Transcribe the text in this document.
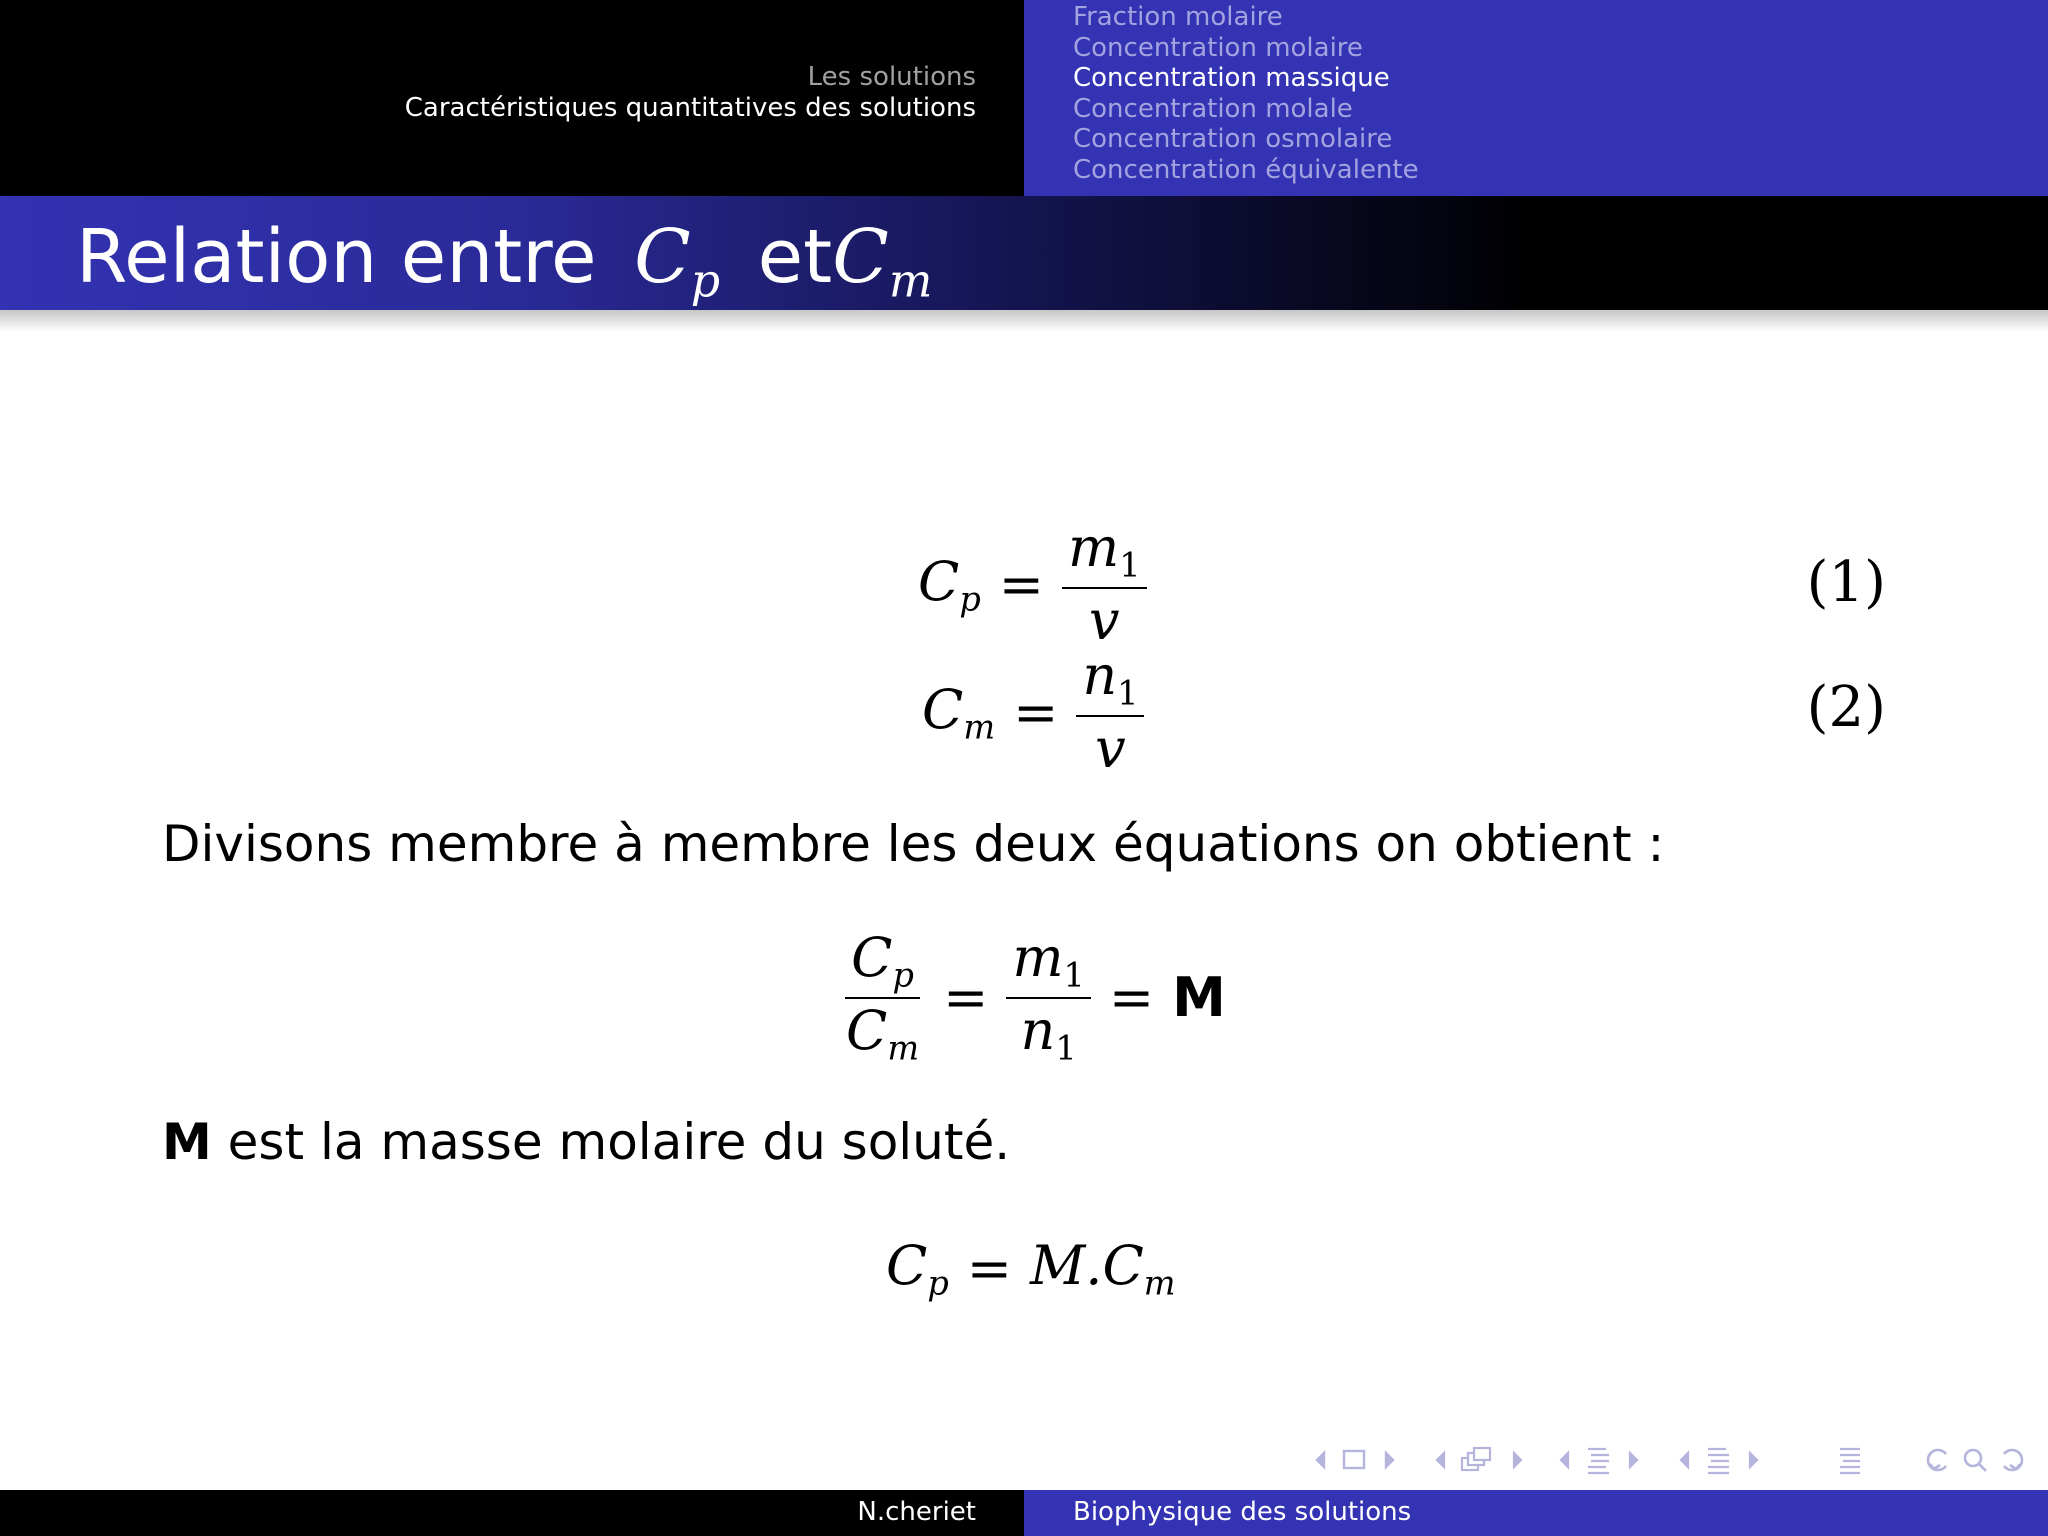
Les solutions
Caractéristiques quantitatives des solutions
Fraction molaire
Concentration molaire
Concentration massique
Concentration molale
Concentration osmolaire
Concentration équivalente
Relation entre $C_p$ etC$_m$
$C_p = \frac{m_1}{v}$	(1)
$C_m = \frac{n_1}{v}$	(2)
Divisons membre à membre les deux équations on obtient :
$\frac{C_p}{C_m} = \frac{m_1}{n_1} = M$
M est la masse molaire du soluté.
$C_p = M.C_m$
N.cheriet	Biophysique des solutions
